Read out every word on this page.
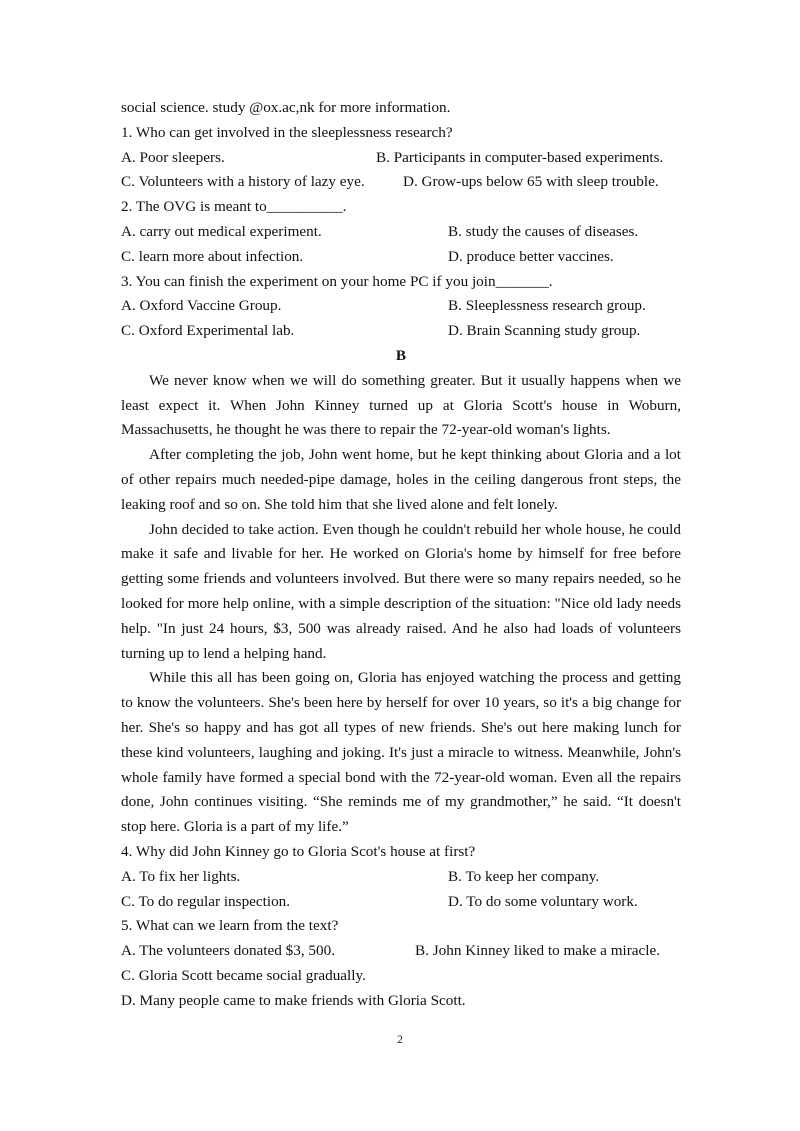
social science. study @ox.ac,nk for more information.
1. Who can get involved in the sleeplessness research?
A. Poor sleepers.	B. Participants in computer-based experiments.
C. Volunteers with a history of lazy eye.	D. Grow-ups below 65 with sleep trouble.
2. The OVG is meant to__________.
A. carry out medical experiment.	B. study the causes of diseases.
C. learn more about infection.	D. produce better vaccines.
3. You can finish the experiment on your home PC if you join_______.
A. Oxford Vaccine Group.	B. Sleeplessness research group.
C. Oxford Experimental lab.	D. Brain Scanning study group.
B

We never know when we will do something greater. But it usually happens when we least expect it. When John Kinney turned up at Gloria Scott's house in Woburn, Massachusetts, he thought he was there to repair the 72-year-old woman's lights.

After completing the job, John went home, but he kept thinking about Gloria and a lot of other repairs much needed-pipe damage, holes in the ceiling dangerous front steps, the leaking roof and so on. She told him that she lived alone and felt lonely.

John decided to take action. Even though he couldn't rebuild her whole house, he could make it safe and livable for her. He worked on Gloria's home by himself for free before getting some friends and volunteers involved. But there were so many repairs needed, so he looked for more help online, with a simple description of the situation: "Nice old lady needs help. "In just 24 hours, $3, 500 was already raised. And he also had loads of volunteers turning up to lend a helping hand.

While this all has been going on, Gloria has enjoyed watching the process and getting to know the volunteers. She's been here by herself for over 10 years, so it's a big change for her. She's so happy and has got all types of new friends. She's out here making lunch for these kind volunteers, laughing and joking. It's just a miracle to witness. Meanwhile, John's whole family have formed a special bond with the 72-year-old woman. Even all the repairs done, John continues visiting. “She reminds me of my grandmother,” he said. “It doesn't stop here. Gloria is a part of my life.”

4. Why did John Kinney go to Gloria Scot's house at first?
A. To fix her lights.	B. To keep her company.
C. To do regular inspection.	D. To do some voluntary work.
5. What can we learn from the text?
A. The volunteers donated $3, 500.	B. John Kinney liked to make a miracle.
C. Gloria Scott became social gradually.
D. Many people came to make friends with Gloria Scott.
2
